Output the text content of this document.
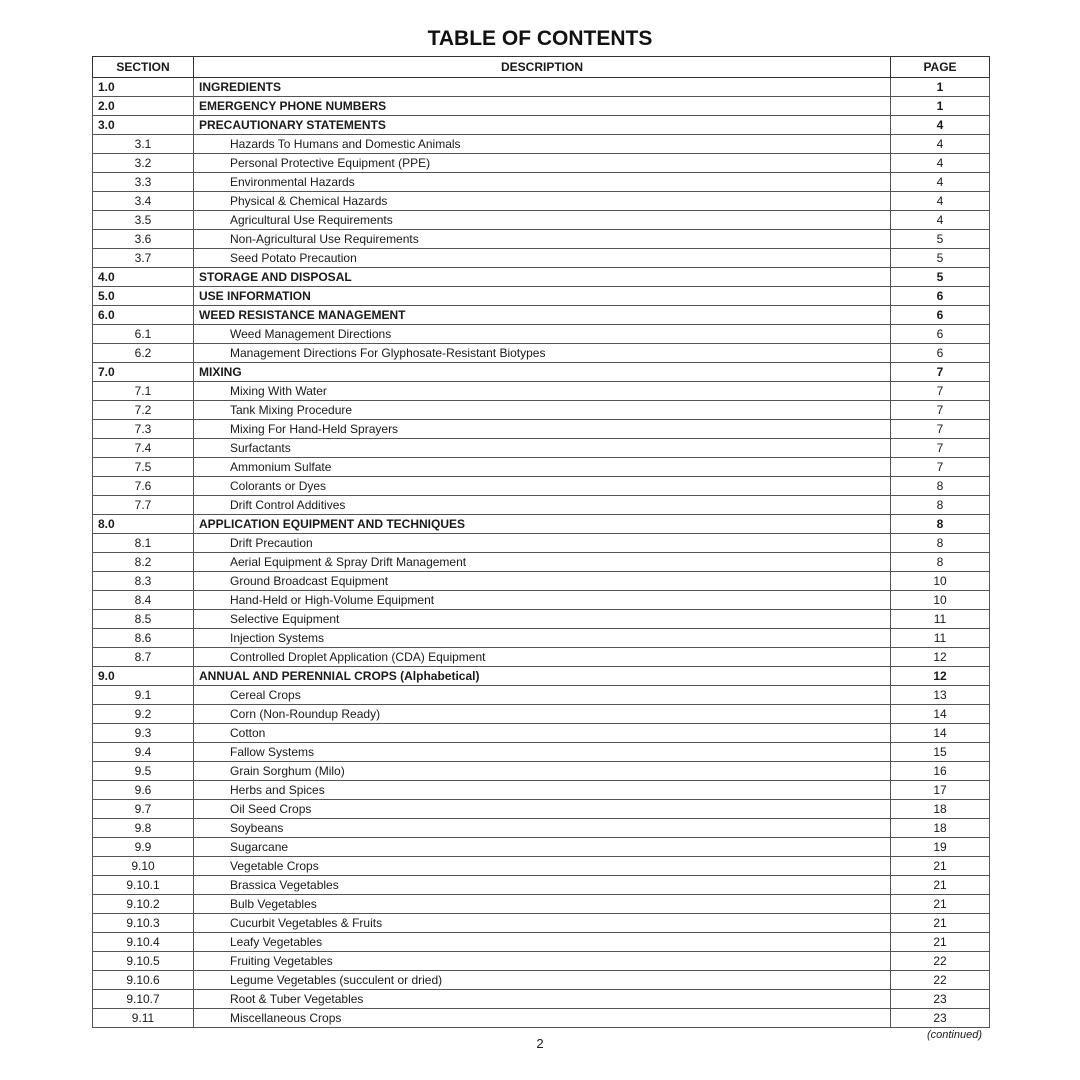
TABLE OF CONTENTS
SECTION	DESCRIPTION	PAGE
1.0	INGREDIENTS	1
2.0	EMERGENCY PHONE NUMBERS	1
3.0	PRECAUTIONARY STATEMENTS	4
3.1	Hazards To Humans and Domestic Animals	4
3.2	Personal Protective Equipment (PPE)	4
3.3	Environmental Hazards	4
3.4	Physical & Chemical Hazards	4
3.5	Agricultural Use Requirements	4
3.6	Non-Agricultural Use Requirements	5
3.7	Seed Potato Precaution	5
4.0	STORAGE AND DISPOSAL	5
5.0	USE INFORMATION	6
6.0	WEED RESISTANCE MANAGEMENT	6
6.1	Weed Management Directions	6
6.2	Management Directions For Glyphosate-Resistant Biotypes	6
7.0	MIXING	7
7.1	Mixing With Water	7
7.2	Tank Mixing Procedure	7
7.3	Mixing For Hand-Held Sprayers	7
7.4	Surfactants	7
7.5	Ammonium Sulfate	7
7.6	Colorants or Dyes	8
7.7	Drift Control Additives	8
8.0	APPLICATION EQUIPMENT AND TECHNIQUES	8
8.1	Drift Precaution	8
8.2	Aerial Equipment & Spray Drift Management	8
8.3	Ground Broadcast Equipment	10
8.4	Hand-Held or High-Volume Equipment	10
8.5	Selective Equipment	11
8.6	Injection Systems	11
8.7	Controlled Droplet Application (CDA) Equipment	12
9.0	ANNUAL AND PERENNIAL CROPS (Alphabetical)	12
9.1	Cereal Crops	13
9.2	Corn (Non-Roundup Ready)	14
9.3	Cotton	14
9.4	Fallow Systems	15
9.5	Grain Sorghum (Milo)	16
9.6	Herbs and Spices	17
9.7	Oil Seed Crops	18
9.8	Soybeans	18
9.9	Sugarcane	19
9.10	Vegetable Crops	21
9.10.1	Brassica Vegetables	21
9.10.2	Bulb Vegetables	21
9.10.3	Cucurbit Vegetables & Fruits	21
9.10.4	Leafy Vegetables	21
9.10.5	Fruiting Vegetables	22
9.10.6	Legume Vegetables (succulent or dried)	22
9.10.7	Root & Tuber Vegetables	23
9.11	Miscellaneous Crops	23
2
(continued)
